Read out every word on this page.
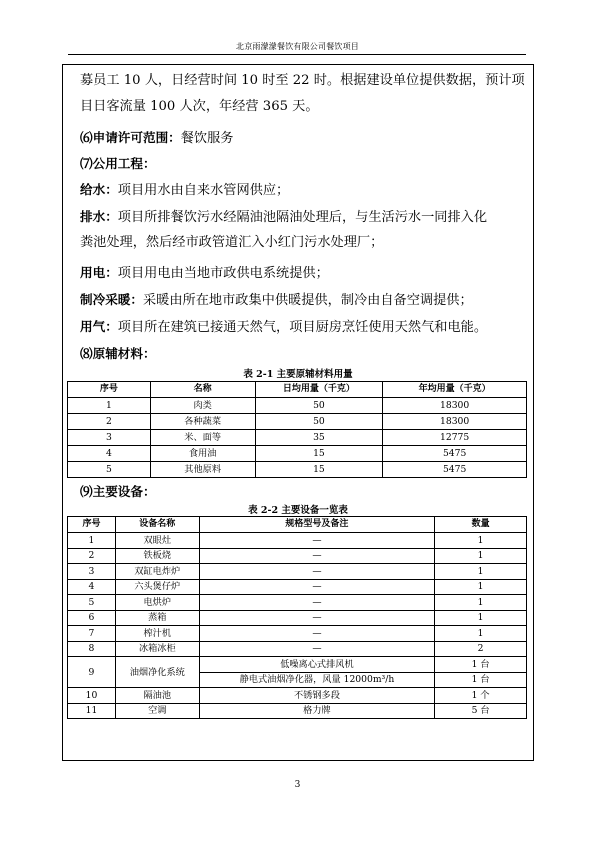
北京雨濛濛餐饮有限公司餐饮项目
募员工 10 人，日经营时间 10 时至 22 时。根据建设单位提供数据，预计项
目日客流量 100 人次，年经营 365 天。
⑹申请许可范围：餐饮服务
⑺公用工程：
给水：项目用水由自来水管网供应；
排水：项目所排餐饮污水经隔油池隔油处理后，与生活污水一同排入化
粪池处理，然后经市政管道汇入小红门污水处理厂；
用电：项目用电由当地市政供电系统提供；
制冷采暖：采暖由所在地市政集中供暖提供，制冷由自备空调提供；
用气：项目所在建筑已接通天然气，项目厨房烹饪使用天然气和电能。
⑻原辅材料：
表 2-1 主要原辅材料用量
序号	名称	日均用量（千克）	年均用量（千克）
1	肉类	50	18300
2	各种蔬菜	50	18300
3	米、面等	35	12775
4	食用油	15	5475
5	其他原料	15	5475
⑼主要设备：
表 2-2 主要设备一览表
序号	设备名称	规格型号及备注	数量
1	双眼灶	—	1
2	铁板烧	—	1
3	双缸电炸炉	—	1
4	六头煲仔炉	—	1
5	电烘炉	—	1
6	蒸箱	—	1
7	榨汁机	—	1
8	冰箱冰柜	—	2
9	油烟净化系统	低噪离心式排风机	1 台
		静电式油烟净化器，风量 12000m³/h	1 台
10	隔油池	不锈钢多段	1 个
11	空调	格力牌	5 台
3
